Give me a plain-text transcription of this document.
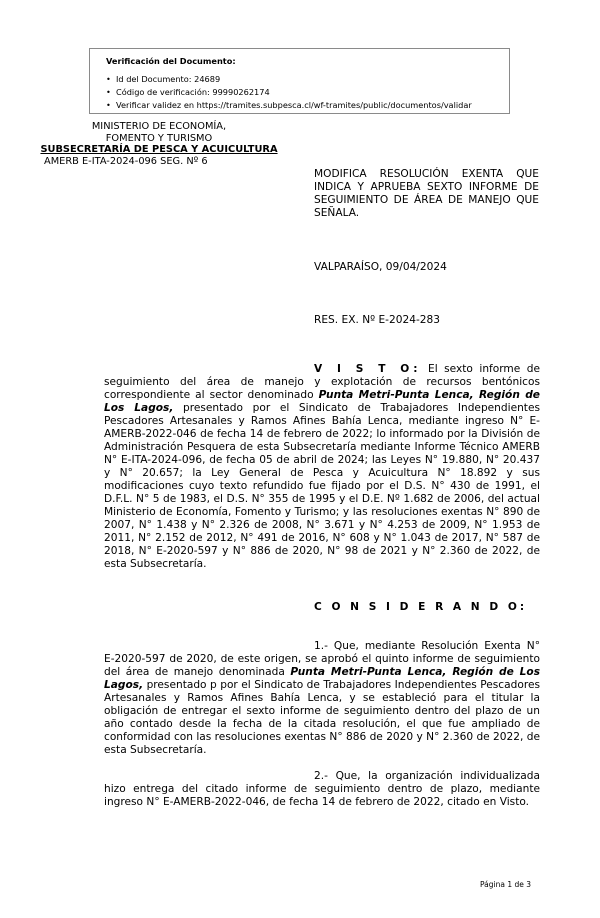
Verificación del Documento:
• Id del Documento: 24689
• Código de verificación: 99990262174
• Verificar validez en https://tramites.subpesca.cl/wf-tramites/public/documentos/validar
MINISTERIO DE ECONOMÍA,
FOMENTO Y TURISMO
SUBSECRETARÍA DE PESCA Y ACUICULTURA
AMERB E-ITA-2024-096 SEG. Nº 6
MODIFICA RESOLUCIÓN EXENTA QUE INDICA Y APRUEBA SEXTO INFORME DE SEGUIMIENTO DE ÁREA DE MANEJO QUE SEÑALA.
VALPARAÍSO, 09/04/2024
RES. EX. Nº E-2024-283
V I S T O: El sexto informe de seguimiento del área de manejo y explotación de recursos bentónicos correspondiente al sector denominado Punta Metri-Punta Lenca, Región de Los Lagos, presentado por el Sindicato de Trabajadores Independientes Pescadores Artesanales y Ramos Afines Bahía Lenca, mediante ingreso N° E-AMERB-2022-046 de fecha 14 de febrero de 2022; lo informado por la División de Administración Pesquera de esta Subsecretaría mediante Informe Técnico AMERB N° E-ITA-2024-096, de fecha 05 de abril de 2024; las Leyes N° 19.880, N° 20.437 y N° 20.657; la Ley General de Pesca y Acuicultura N° 18.892 y sus modificaciones cuyo texto refundido fue fijado por el D.S. N° 430 de 1991, el D.F.L. N° 5 de 1983, el D.S. N° 355 de 1995 y el D.E. Nº 1.682 de 2006, del actual Ministerio de Economía, Fomento y Turismo; y las resoluciones exentas N° 890 de 2007, N° 1.438 y N° 2.326 de 2008, N° 3.671 y N° 4.253 de 2009, N° 1.953 de 2011, N° 2.152 de 2012, N° 491 de 2016, N° 608 y N° 1.043 de 2017, N° 587 de 2018, N° E-2020-597 y N° 886 de 2020, N° 98 de 2021 y N° 2.360 de 2022, de esta Subsecretaría.
C O N S I D E R A N D O:
1.- Que, mediante Resolución Exenta N° E-2020-597 de 2020, de este origen, se aprobó el quinto informe de seguimiento del área de manejo denominada Punta Metri-Punta Lenca, Región de Los Lagos, presentado p por el Sindicato de Trabajadores Independientes Pescadores Artesanales y Ramos Afines Bahía Lenca, y se estableció para el titular la obligación de entregar el sexto informe de seguimiento dentro del plazo de un año contado desde la fecha de la citada resolución, el que fue ampliado de conformidad con las resoluciones exentas N° 886 de 2020 y N° 2.360 de 2022, de esta Subsecretaría.
2.- Que, la organización individualizada hizo entrega del citado informe de seguimiento dentro de plazo, mediante ingreso N° E-AMERB-2022-046, de fecha 14 de febrero de 2022, citado en Visto.
Página 1 de 3
